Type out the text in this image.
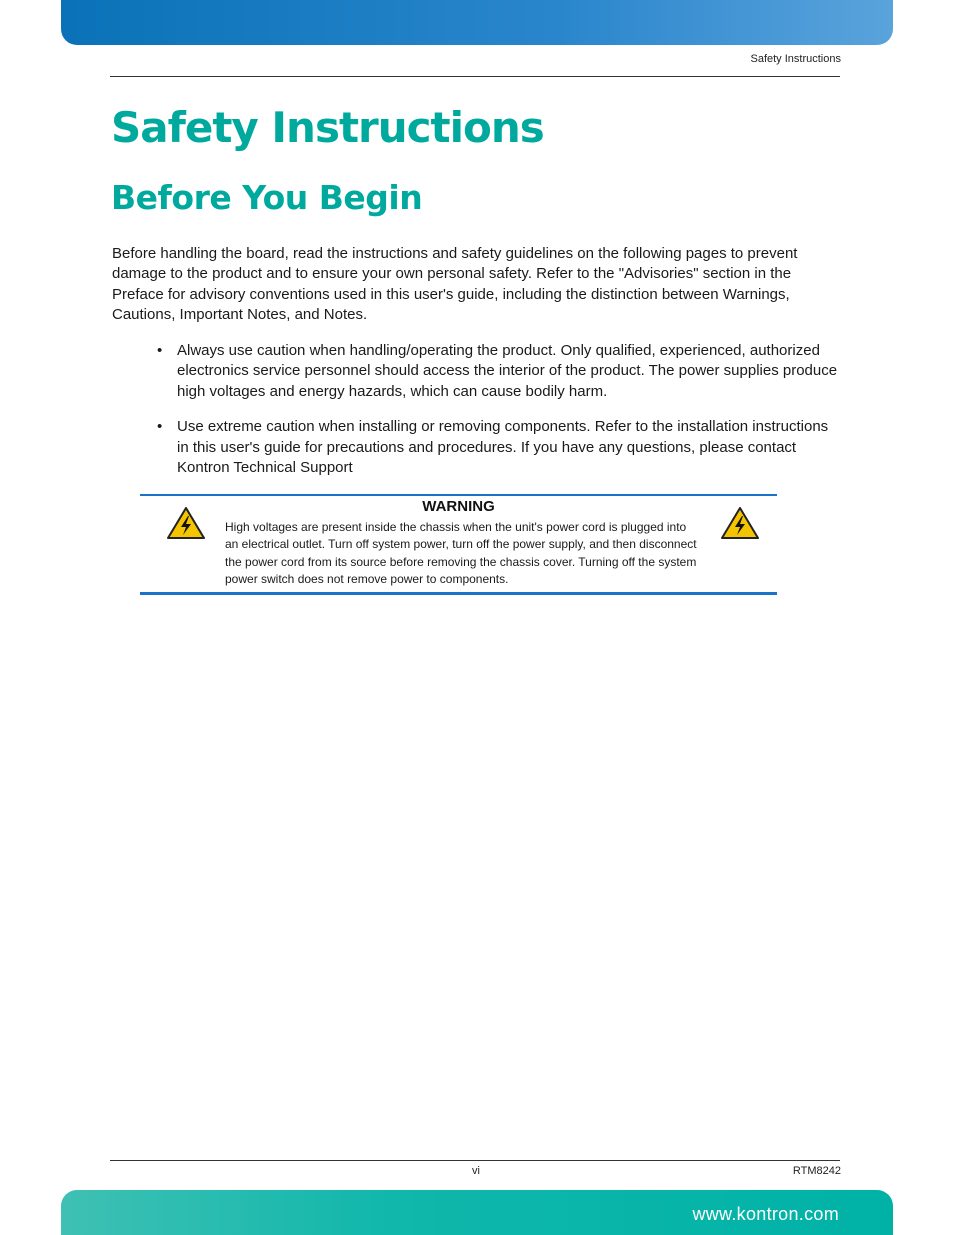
Safety Instructions
Safety Instructions
Before You Begin

Before handling the board, read the instructions and safety guidelines on the following pages to prevent damage to the product and to ensure your own personal safety. Refer to the "Advisories" section in the Preface for advisory conventions used in this user's guide, including the distinction between Warnings, Cautions, Important Notes, and Notes.

• Always use caution when handling/operating the product. Only qualified, experienced, authorized electronics service personnel should access the interior of the product. The power supplies produce high voltages and energy hazards, which can cause bodily harm.
• Use extreme caution when installing or removing components. Refer to the installation instructions in this user's guide for precautions and procedures. If you have any questions, please contact Kontron Technical Support
WARNING
High voltages are present inside the chassis when the unit's power cord is plugged into an electrical outlet. Turn off system power, turn off the power supply, and then disconnect the power cord from its source before removing the chassis cover. Turning off the system power switch does not remove power to components.
vi	RTM8242
www.kontron.com
